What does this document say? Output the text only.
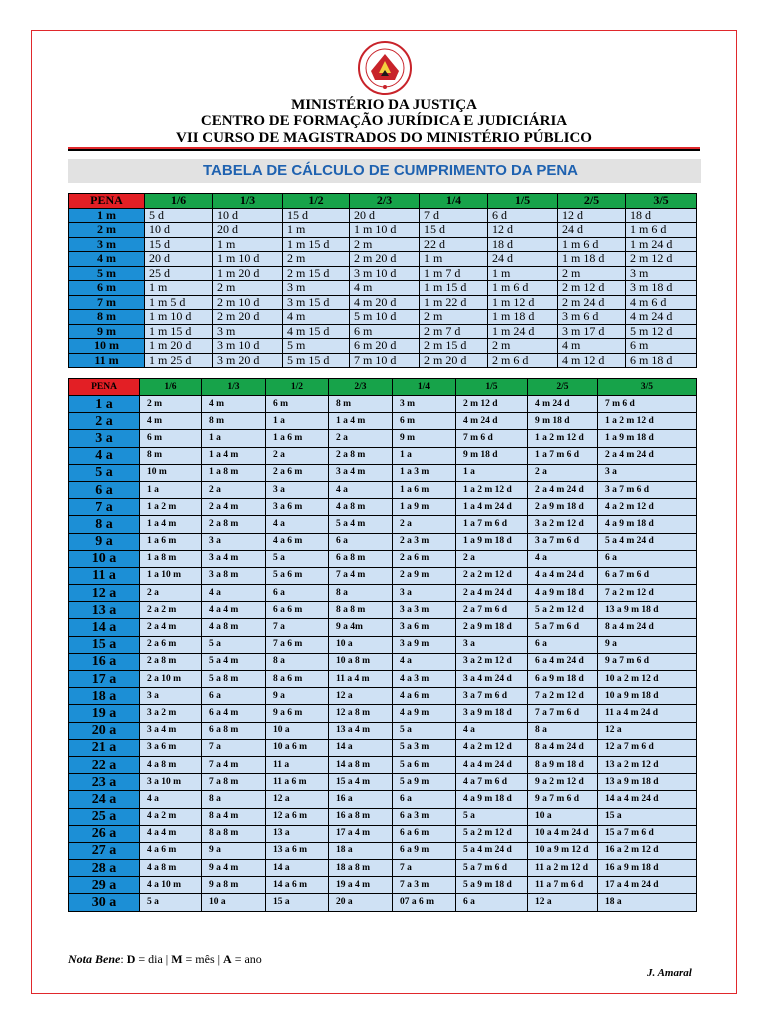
MINISTÉRIO DA JUSTIÇA
CENTRO DE FORMAÇÃO JURÍDICA E JUDICIÁRIA
VII CURSO DE MAGISTRADOS DO MINISTÉRIO PÚBLICO
TABELA DE CÁLCULO DE CUMPRIMENTO DA PENA
PENA	1/6	1/3	1/2	2/3	1/4	1/5	2/5	3/5
1 m	5 d	10 d	15 d	20 d	7 d	6 d	12 d	18 d
2 m	10 d	20 d	1 m	1 m 10 d	15 d	12 d	24 d	1 m 6 d
3 m	15 d	1 m	1 m 15 d	2 m	22 d	18 d	1 m 6 d	1 m 24 d
4 m	20 d	1 m 10 d	2 m	2 m 20 d	1 m	24 d	1 m 18 d	2 m 12 d
5 m	25 d	1 m 20 d	2 m 15 d	3 m 10 d	1 m 7 d	1 m	2 m	3 m
6 m	1 m	2 m	3 m	4 m	1 m 15 d	1 m 6 d	2 m 12 d	3 m 18 d
7 m	1 m 5 d	2 m 10 d	3 m 15 d	4 m 20 d	1 m 22 d	1 m 12 d	2 m 24 d	4 m 6 d
8 m	1 m 10 d	2 m 20 d	4 m	5 m 10 d	2 m	1 m 18 d	3 m 6 d	4 m 24 d
9 m	1 m 15 d	3 m	4 m 15 d	6 m	2 m 7 d	1 m 24 d	3 m 17 d	5 m 12 d
10 m	1 m 20 d	3 m 10 d	5 m	6 m 20 d	2 m 15 d	2 m	4 m	6 m
11 m	1 m 25 d	3 m 20 d	5 m 15 d	7 m 10 d	2 m 20 d	2 m 6 d	4 m 12 d	6 m 18 d
PENA	1/6	1/3	1/2	2/3	1/4	1/5	2/5	3/5
1 a	2 m	4 m	6 m	8 m	3 m	2 m 12 d	4 m 24 d	7 m 6 d
2 a	4 m	8 m	1 a	1 a 4 m	6 m	4 m 24 d	9 m 18 d	1 a 2 m 12 d
3 a	6 m	1 a	1 a 6 m	2 a	9 m	7 m 6 d	1 a 2 m 12 d	1 a 9 m 18 d
4 a	8 m	1 a 4 m	2 a	2 a 8 m	1 a	9 m 18 d	1 a 7 m 6 d	2 a 4 m 24 d
5 a	10 m	1 a 8 m	2 a 6 m	3 a 4 m	1 a 3 m	1 a	2 a	3 a
6 a	1 a	2 a	3 a	4 a	1 a 6 m	1 a 2 m 12 d	2 a 4 m 24 d	3 a 7 m 6 d
7 a	1 a 2 m	2 a 4 m	3 a 6 m	4 a 8 m	1 a 9 m	1 a 4 m 24 d	2 a 9 m 18 d	4 a 2 m 12 d
8 a	1 a 4 m	2 a 8 m	4 a	5 a 4 m	2 a	1 a 7 m 6 d	3 a 2 m 12 d	4 a 9 m 18 d
9 a	1 a 6 m	3 a	4 a 6 m	6 a	2 a 3 m	1 a 9 m 18 d	3 a 7 m 6 d	5 a 4 m 24 d
10 a	1 a 8 m	3 a 4 m	5 a	6 a 8 m	2 a 6 m	2 a	4 a	6 a
11 a	1 a 10 m	3 a 8 m	5 a 6 m	7 a 4 m	2 a 9 m	2 a 2 m 12 d	4 a 4 m 24 d	6 a 7 m 6 d
12 a	2 a	4 a	6 a	8 a	3 a	2 a 4 m 24 d	4 a 9 m 18 d	7 a 2 m 12 d
13 a	2 a 2 m	4 a 4 m	6 a 6 m	8 a 8 m	3 a 3 m	2 a 7 m 6 d	5 a 2 m 12 d	13 a 9 m 18 d
14 a	2 a 4 m	4 a 8 m	7 a	9 a 4m	3 a 6 m	2 a 9 m 18 d	5 a 7 m 6 d	8 a 4 m 24 d
15 a	2 a 6 m	5 a	7 a 6 m	10 a	3 a 9 m	3 a	6 a	9 a
16 a	2 a 8 m	5 a 4 m	8 a	10 a 8 m	4 a	3 a 2 m 12 d	6 a 4 m 24 d	9 a 7 m 6 d
17 a	2 a 10 m	5 a 8 m	8 a 6 m	11 a 4 m	4 a 3 m	3 a 4 m 24 d	6 a 9 m 18 d	10 a 2 m 12 d
18 a	3 a	6 a	9 a	12 a	4 a 6 m	3 a 7 m 6 d	7 a 2 m 12 d	10 a 9 m 18 d
19 a	3 a 2 m	6 a 4 m	9 a 6 m	12 a 8 m	4 a 9 m	3 a 9 m 18 d	7 a 7 m 6 d	11 a 4 m 24 d
20 a	3 a 4 m	6 a 8 m	10 a	13 a 4 m	5 a	4 a	8 a	12 a
21 a	3 a 6 m	7 a	10 a 6 m	14 a	5 a 3 m	4 a 2 m 12 d	8 a 4 m 24 d	12 a 7 m 6 d
22 a	4 a 8 m	7 a 4 m	11 a	14 a 8 m	5 a 6 m	4 a 4 m 24 d	8 a 9 m 18 d	13 a 2 m 12 d
23 a	3 a 10 m	7 a 8 m	11 a 6 m	15 a 4 m	5 a 9 m	4 a 7 m 6 d	9 a 2 m 12 d	13 a 9 m 18 d
24 a	4 a	8 a	12 a	16 a	6 a	4 a 9 m 18 d	9 a 7 m 6 d	14 a 4 m 24 d
25 a	4 a 2 m	8 a 4 m	12 a 6 m	16 a 8 m	6 a 3 m	5 a	10 a	15 a
26 a	4 a 4 m	8 a 8 m	13 a	17 a 4 m	6 a 6 m	5 a 2 m 12 d	10 a 4 m 24 d	15 a 7 m 6 d
27 a	4 a 6 m	9 a	13 a 6 m	18 a	6 a 9 m	5 a 4 m 24 d	10 a 9 m 12 d	16 a 2 m 12 d
28 a	4 a 8 m	9 a 4 m	14 a	18 a 8 m	7 a	5 a 7 m 6 d	11 a 2 m 12 d	16 a 9 m 18 d
29 a	4 a 10 m	9 a 8 m	14 a 6 m	19 a 4 m	7 a 3 m	5 a 9 m 18 d	11 a 7 m 6 d	17 a 4 m 24 d
30 a	5 a	10 a	15 a	20 a	07 a 6 m	6 a	12 a	18 a
Nota Bene: D = dia | M = mês | A = ano
J. Amaral
